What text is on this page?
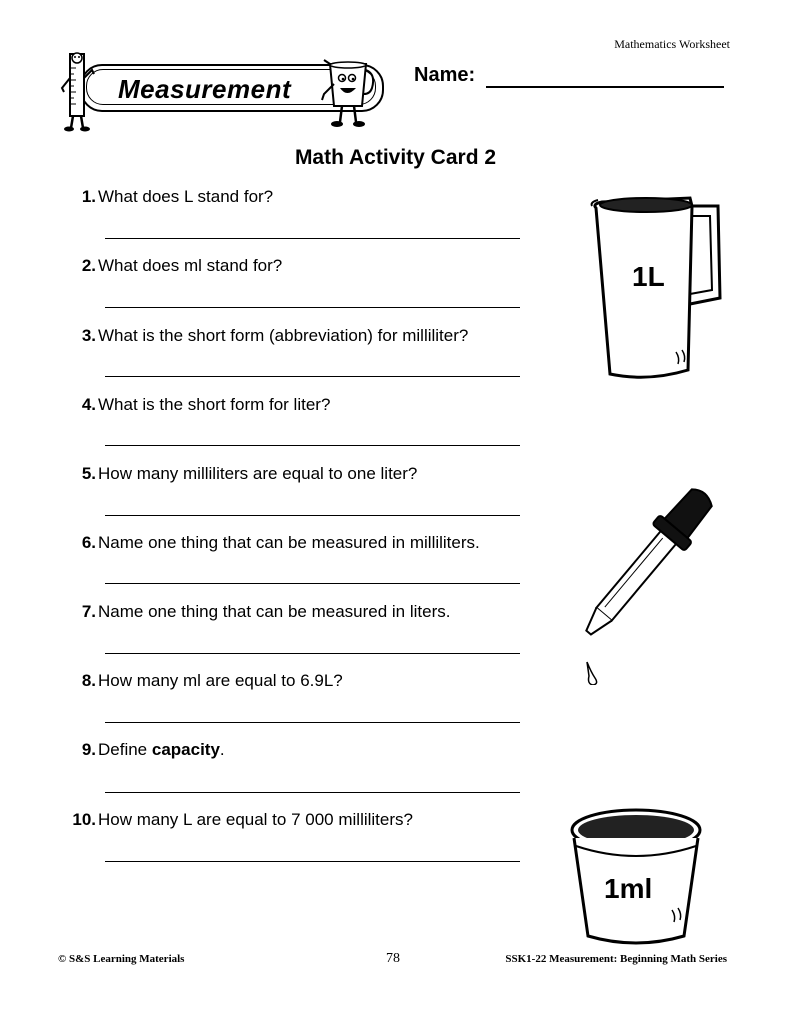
Mathematics Worksheet
Measurement	Name:
Math Activity Card 2
1. What does L stand for?
2. What does ml stand for?
3. What is the short form (abbreviation) for milliliter?
4. What is the short form for liter?
5. How many milliliters are equal to one liter?
6. Name one thing that can be measured in milliliters.
7. Name one thing that can be measured in liters.
8. How many ml are equal to 6.9L?
9. Define capacity.
10. How many L are equal to 7 000 milliliters?
1L
1ml
© S&S Learning Materials	78	SSK1-22 Measurement: Beginning Math Series
